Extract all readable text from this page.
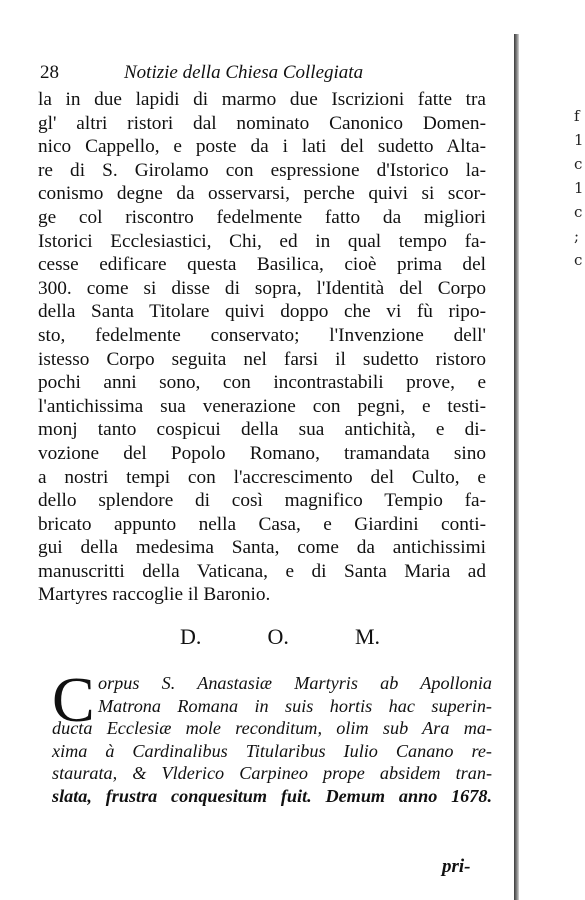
f
1
c
1
c
;
c
28	Notizie della Chiesa Collegiata
la in due lapidi di marmo due Iscrizioni fatte tra
gl' altri ristori dal nominato Canonico Domen-
nico Cappello, e poste da i lati del sudetto Alta-
re di S. Girolamo con espressione d'Istorico la-
conismo degne da osservarsi, perche quivi si scor-
ge col riscontro fedelmente fatto da migliori
Istorici Ecclesiastici, Chi, ed in qual tempo fa-
cesse edificare questa Basilica, cioè prima del
300. come si disse di sopra, l'Identità del Corpo
della Santa Titolare quivi doppo che vi fù ripo-
sto, fedelmente conservato; l'Invenzione dell'
istesso Corpo seguita nel farsi il sudetto ristoro
pochi anni sono, con incontrastabili prove, e
l'antichissima sua venerazione con pegni, e testi-
monj tanto cospicui della sua antichità, e di-
vozione del Popolo Romano, tramandata sino
a nostri tempi con l'accrescimento del Culto, e
dello splendore di così magnifico Tempio fa-
bricato appunto nella Casa, e Giardini conti-
gui della medesima Santa, come da antichissimi
manuscritti della Vaticana, e di Santa Maria ad
Martyres raccoglie il Baronio.
D.	O.	M.
C orpus S. Anastasiæ Martyris ab Apollonia
Matrona Romana in suis hortis hac superin-
ducta Ecclesiæ mole reconditum, olim sub Ara ma-
xima à Cardinalibus Titularibus Iulio Canano re-
staurata, & Vlderico Carpineo prope absidem tran-
slata, frustra conquesitum fuit. Demum anno 1678.
pri-
